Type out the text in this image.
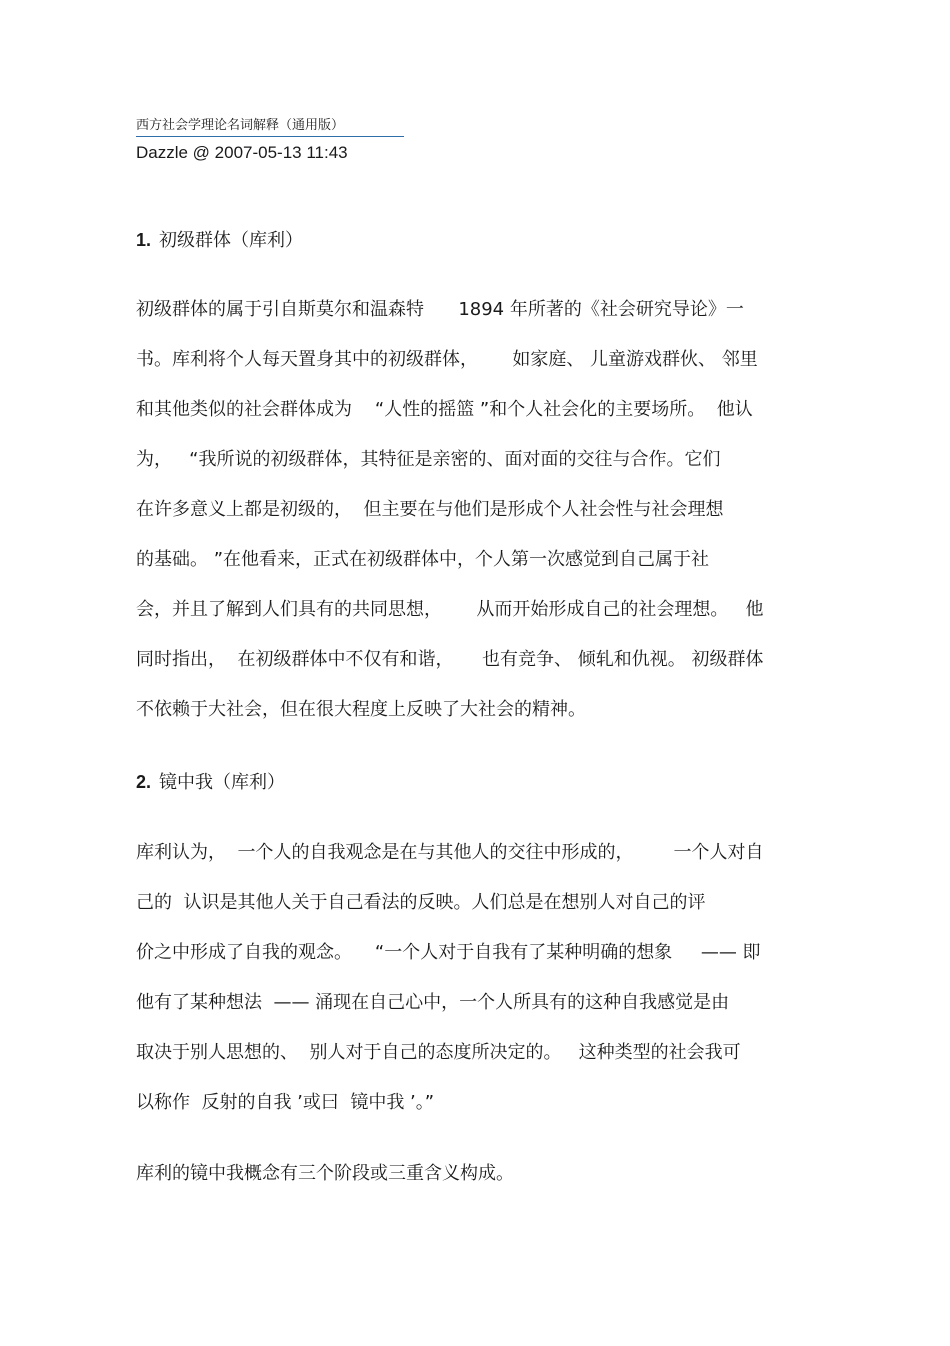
西方社会学理论名词解释（通用版）
Dazzle @ 2007-05-13 11:43
1. 初级群体（库利）
初级群体的属于引自斯莫尔和温森特      1894 年所著的《社会研究导论》一
书。库利将个人每天置身其中的初级群体，      如家庭、 儿童游戏群伙、 邻里
和其他类似的社会群体成为    “人性的摇篮 ”和个人社会化的主要场所。  他认
为，   “我所说的初级群体，其特征是亲密的、面对面的交往与合作。它们
在许多意义上都是初级的，  但主要在与他们是形成个人社会性与社会理想
的基础。 ”在他看来，正式在初级群体中，个人第一次感觉到自己属于社
会，并且了解到人们具有的共同思想，      从而开始形成自己的社会理想。   他
同时指出，  在初级群体中不仅有和谐，     也有竞争、 倾轧和仇视。 初级群体
不依赖于大社会，但在很大程度上反映了大社会的精神。
2. 镜中我（库利）
库利认为，  一个人的自我观念是在与其他人的交往中形成的，       一个人对自
己的  认识是其他人关于自己看法的反映。人们总是在想别人对自己的评
价之中形成了自我的观念。    “一个人对于自我有了某种明确的想象     —— 即
他有了某种想法  —— 涌现在自己心中，一个人所具有的这种自我感觉是由
取决于别人思想的、  别人对于自己的态度所决定的。   这种类型的社会我可
以称作  反射的自我 ’或曰  镜中我 ’。”
库利的镜中我概念有三个阶段或三重含义构成。
